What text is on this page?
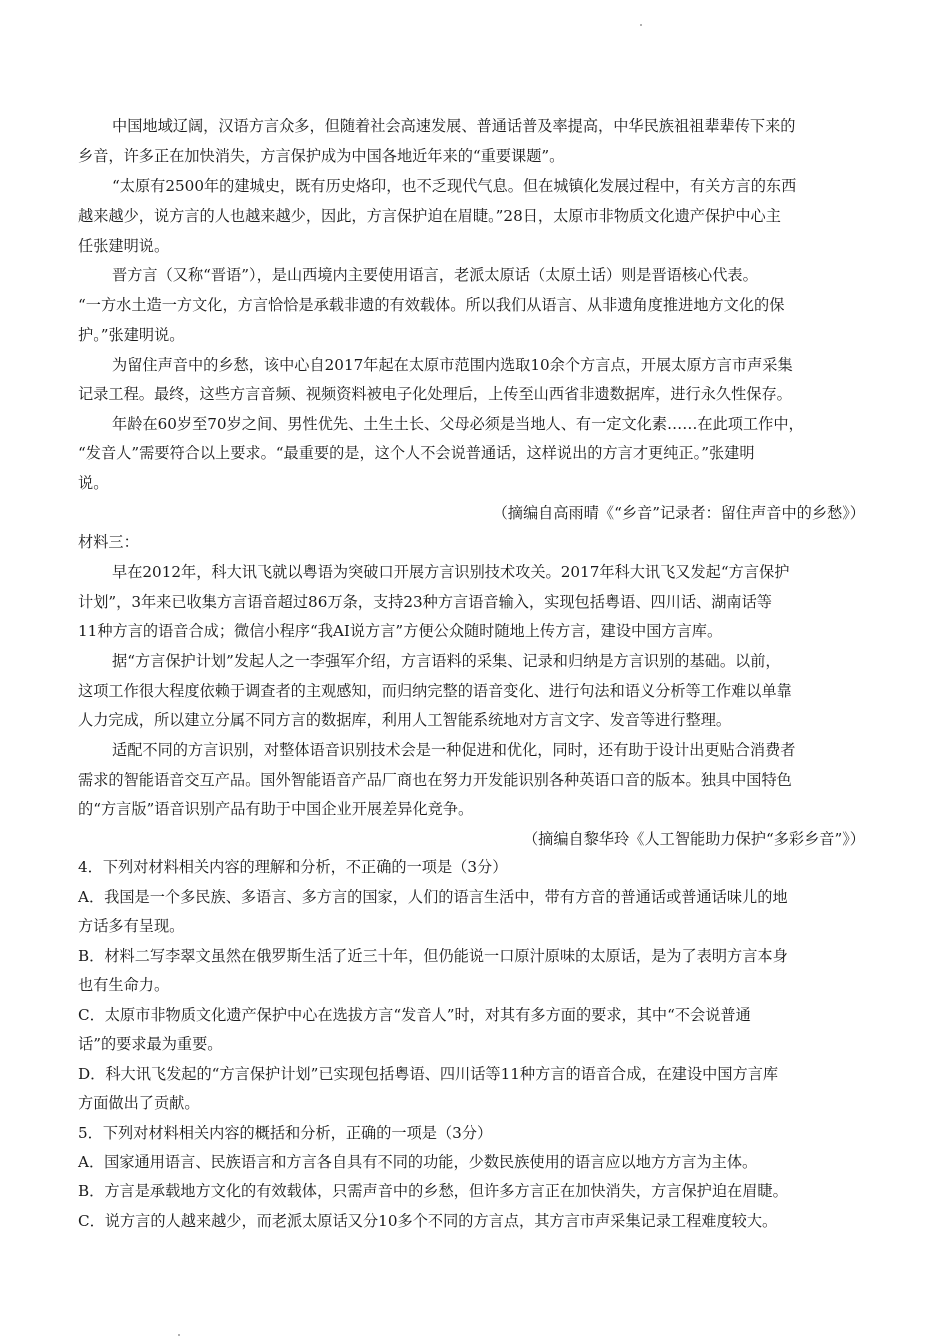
中国地域辽阔，汉语方言众多，但随着社会高速发展、普通话普及率提高，中华民族祖祖辈辈传下来的
乡音，许多正在加快消失，方言保护成为中国各地近年来的“重要课题”。
“太原有2500年的建城史，既有历史烙印，也不乏现代气息。但在城镇化发展过程中，有关方言的东西
越来越少，说方言的人也越来越少，因此，方言保护迫在眉睫。”28日，太原市非物质文化遗产保护中心主
任张建明说。
晋方言（又称“晋语”），是山西境内主要使用语言，老派太原话（太原土话）则是晋语核心代表。
“一方水土造一方文化，方言恰恰是承载非遗的有效载体。所以我们从语言、从非遗角度推进地方文化的保
护。”张建明说。
为留住声音中的乡愁，该中心自2017年起在太原市范围内选取10余个方言点，开展太原方言市声采集
记录工程。最终，这些方言音频、视频资料被电子化处理后，上传至山西省非遗数据库，进行永久性保存。
年龄在60岁至70岁之间、男性优先、土生土长、父母必须是当地人、有一定文化素……在此项工作中，
“发音人”需要符合以上要求。“最重要的是，这个人不会说普通话，这样说出的方言才更纯正。”张建明
说。
（摘编自高雨晴《“乡音”记录者：留住声音中的乡愁》）
材料三：
早在2012年，科大讯飞就以粤语为突破口开展方言识别技术攻关。2017年科大讯飞又发起“方言保护
计划”，3年来已收集方言语音超过86万条，支持23种方言语音输入，实现包括粤语、四川话、湖南话等
11种方言的语音合成；微信小程序“我AI说方言”方便公众随时随地上传方言，建设中国方言库。
据“方言保护计划”发起人之一李强军介绍，方言语料的采集、记录和归纳是方言识别的基础。以前，
这项工作很大程度依赖于调查者的主观感知，而归纳完整的语音变化、进行句法和语义分析等工作难以单靠
人力完成，所以建立分属不同方言的数据库，利用人工智能系统地对方言文字、发音等进行整理。
适配不同的方言识别，对整体语音识别技术会是一种促进和优化，同时，还有助于设计出更贴合消费者
需求的智能语音交互产品。国外智能语音产品厂商也在努力开发能识别各种英语口音的版本。独具中国特色
的“方言版”语音识别产品有助于中国企业开展差异化竞争。
（摘编自黎华玲《人工智能助力保护“多彩乡音”》）
4．下列对材料相关内容的理解和分析，不正确的一项是（3分）
A．我国是一个多民族、多语言、多方言的国家，人们的语言生活中，带有方音的普通话或普通话味儿的地
方话多有呈现。
B．材料二写李翠文虽然在俄罗斯生活了近三十年，但仍能说一口原汁原味的太原话，是为了表明方言本身
也有生命力。
C．太原市非物质文化遗产保护中心在选拔方言“发音人”时，对其有多方面的要求，其中“不会说普通
话”的要求最为重要。
D．科大讯飞发起的“方言保护计划”已实现包括粤语、四川话等11种方言的语音合成，在建设中国方言库
方面做出了贡献。
5．下列对材料相关内容的概括和分析，正确的一项是（3分）
A．国家通用语言、民族语言和方言各自具有不同的功能，少数民族使用的语言应以地方方言为主体。
B．方言是承载地方文化的有效载体，只需声音中的乡愁，但许多方言正在加快消失，方言保护迫在眉睫。
C．说方言的人越来越少，而老派太原话又分10多个不同的方言点，其方言市声采集记录工程难度较大。
